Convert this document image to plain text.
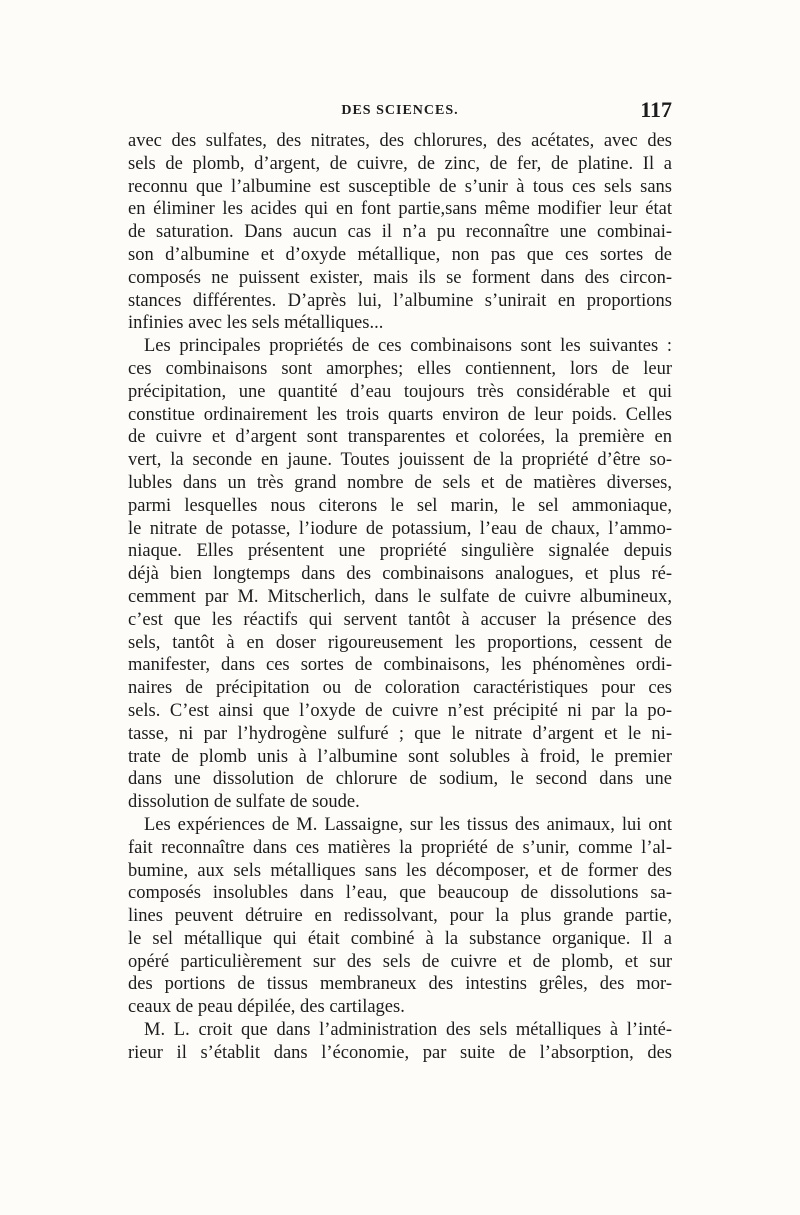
DES SCIENCES.	117
avec des sulfates, des nitrates, des chlorures, des acétates, avec des
sels de plomb, d’argent, de cuivre, de zinc, de fer, de platine. Il a
reconnu que l’albumine est susceptible de s’unir à tous ces sels sans
en éliminer les acides qui en font partie,sans même modifier leur état
de saturation. Dans aucun cas il n’a pu reconnaître une combinai-
son d’albumine et d’oxyde métallique, non pas que ces sortes de
composés ne puissent exister, mais ils se forment dans des circon-
stances différentes. D’après lui, l’albumine s’unirait en proportions
infinies avec les sels métalliques...
Les principales propriétés de ces combinaisons sont les suivantes :
ces combinaisons sont amorphes; elles contiennent, lors de leur
précipitation, une quantité d’eau toujours très considérable et qui
constitue ordinairement les trois quarts environ de leur poids. Celles
de cuivre et d’argent sont transparentes et colorées, la première en
vert, la seconde en jaune. Toutes jouissent de la propriété d’être so-
lubles dans un très grand nombre de sels et de matières diverses,
parmi lesquelles nous citerons le sel marin, le sel ammoniaque,
le nitrate de potasse, l’iodure de potassium, l’eau de chaux, l’ammo-
niaque. Elles présentent une propriété singulière signalée depuis
déjà bien longtemps dans des combinaisons analogues, et plus ré-
cemment par M. Mitscherlich, dans le sulfate de cuivre albumineux,
c’est que les réactifs qui servent tantôt à accuser la présence des
sels, tantôt à en doser rigoureusement les proportions, cessent de
manifester, dans ces sortes de combinaisons, les phénomènes ordi-
naires de précipitation ou de coloration caractéristiques pour ces
sels. C’est ainsi que l’oxyde de cuivre n’est précipité ni par la po-
tasse, ni par l’hydrogène sulfuré ; que le nitrate d’argent et le ni-
trate de plomb unis à l’albumine sont solubles à froid, le premier
dans une dissolution de chlorure de sodium, le second dans une
dissolution de sulfate de soude.
Les expériences de M. Lassaigne, sur les tissus des animaux, lui ont
fait reconnaître dans ces matières la propriété de s’unir, comme l’al-
bumine, aux sels métalliques sans les décomposer, et de former des
composés insolubles dans l’eau, que beaucoup de dissolutions sa-
lines peuvent détruire en redissolvant, pour la plus grande partie,
le sel métallique qui était combiné à la substance organique. Il a
opéré particulièrement sur des sels de cuivre et de plomb, et sur
des portions de tissus membraneux des intestins grêles, des mor-
ceaux de peau dépilée, des cartilages.
M. L. croit que dans l’administration des sels métalliques à l’inté-
rieur il s’établit dans l’économie, par suite de l’absorption, des
